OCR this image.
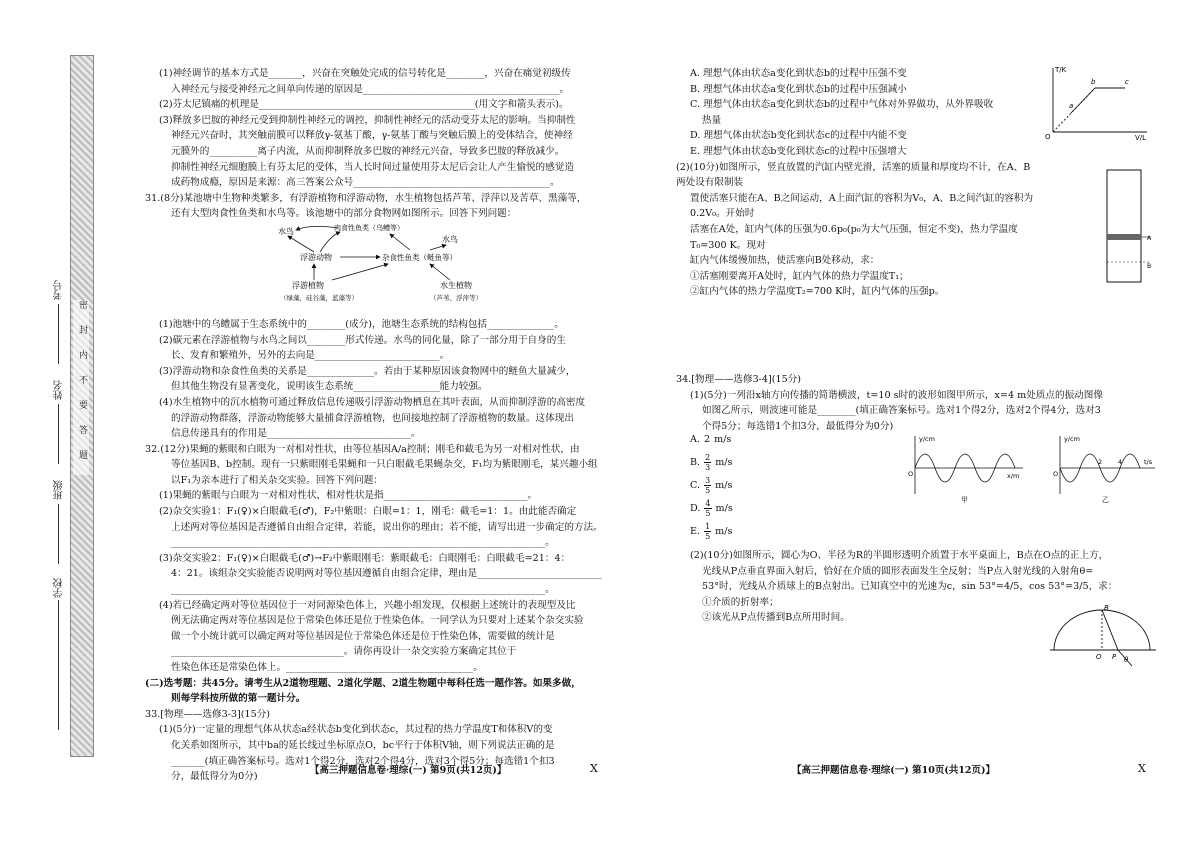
密封内不要答题
学校
班级
姓名
考号

(1)神经调节的基本方式是_______，兴奋在突触处完成的信号转化是________，兴奋在痛觉初级传

入神经元与接受神经元之间单向传递的原因是_________________________________________。

(2)芬太尼镇痛的机理是_____________________________________________(用文字和箭头表示)。

(3)释放多巴胺的神经元受到抑制性神经元的调控，抑制性神经元的活动受芬太尼的影响。当抑制性

神经元兴奋时，其突触前膜可以释放γ-氨基丁酸，γ-氨基丁酸与突触后膜上的受体结合，使神经

元膜外的__________离子内流，从而抑制释放多巴胺的神经元兴奋，导致多巴胺的释放减少。

抑制性神经元细胞膜上有芬太尼的受体，当人长时间过量使用芬太尼后会让人产生愉悦的感觉造

成药物成瘾，原因是来源：高三答案公众号_________________________________________。

31.(8分)某池塘中生物种类繁多，有浮游植物和浮游动物，水生植物包括芦苇、浮萍以及苦草、黑藻等，

还有大型肉食性鱼类和水鸟等。该池塘中的部分食物网如图所示。回答下列问题：

(1)池塘中的乌鳢属于生态系统中的________(成分)，池塘生态系统的结构包括______________。

(2)碳元素在浮游植物与水鸟之间以________形式传递。水鸟的同化量，除了一部分用于自身的生

长、发育和繁殖外，另外的去向是__________________________。

(3)浮游动物和杂食性鱼类的关系是______________。若由于某种原因该食物网中的鲢鱼大量减少，

但其他生物没有显著变化，说明该生态系统__________________能力较强。

(4)水生植物中的沉水植物可通过释放信息传递吸引浮游动物栖息在其叶表面，从而抑制浮游的高密度

的浮游动物群落，浮游动物能够大量捕食浮游植物，也间接地控制了浮游植物的数量。这体现出

信息传递具有的作用是______________________________。

32.(12分)果蝇的紫眼和白眼为一对相对性状，由等位基因A/a控制；刚毛和截毛为另一对相对性状，由

等位基因B、b控制。现有一只紫眼刚毛果蝇和一只白眼截毛果蝇杂交，F₁均为紫眼刚毛，某兴趣小组

以F₁为亲本进行了相关杂交实验。回答下列问题：

(1)果蝇的紫眼与白眼为一对相对性状，相对性状是指______________________________。

(2)杂交实验1：F₁(♀)×白眼截毛(♂)，F₂中紫眼：白眼=1：1，刚毛：截毛=1：1。由此能否确定

上述两对等位基因是否遵循自由组合定律，若能，说出你的理由；若不能，请写出进一步确定的方法。

______________________________________________________________________________。

(3)杂交实验2：F₁(♀)×白眼截毛(♂)→F₂中紫眼刚毛：紫眼截毛：白眼刚毛：白眼截毛=21：4：

4：21。该组杂交实验能否说明两对等位基因遵循自由组合定律，理由是__________________________

______________________________________________________________________________。

(4)若已经确定两对等位基因位于一对同源染色体上，兴趣小组发现，仅根据上述统计的表现型及比

例无法确定两对等位基因是位于常染色体还是位于性染色体。一同学认为只要对上述某个杂交实验

做一个小统计就可以确定两对等位基因是位于常染色体还是位于性染色体，需要做的统计是

____________________________________。请你再设计一杂交实验方案确定其位于

性染色体还是常染色体上。_______________________________________。

(二)选考题：共45分。请考生从2道物理题、2道化学题、2道生物题中每科任选一题作答。如果多做，

则每学科按所做的第一题计分。

33.[物理——选修3-3](15分)

(1)(5分)一定量的理想气体从状态a经状态b变化到状态c，其过程的热力学温度T和体积V的变

化关系如图所示，其中ba的延长线过坐标原点O，bc平行于体积V轴，则下列说法正确的是

_______(填正确答案标号。选对1个得2分，选对2个得4分，选对3个得5分；每选错1个扣3

分，最低得分为0分)

水鸟	肉食性鱼类（乌鳢等）
水鸟
浮游动物	杂食性鱼类（鲢鱼等）
浮游植物
（绿藻，硅谷藻，蓝藻等）
水生植物
（芦苇、浮萍等）
【高三押题信息卷·理综(一) 第9页(共12页)】	X

A. 理想气体由状态a变化到状态b的过程中压强不变

B. 理想气体由状态a变化到状态b的过程中压强减小

C. 理想气体由状态a变化到状态b的过程中气体对外界做功，从外界吸收

热量

D. 理想气体由状态b变化到状态c的过程中内能不变

E. 理想气体由状态b变化到状态c的过程中压强增大

(2)(10分)如图所示，竖直放置的汽缸内壁光滑，活塞的质量和厚度均不计，在A、B两处设有限制装

置使活塞只能在A、B之间运动，A上面汽缸的容积为V₀，A、B之间汽缸的容积为0.2V₀。开始时

活塞在A处，缸内气体的压强为0.6p₀(p₀为大气压强，恒定不变)，热力学温度T₀=300 K。现对

缸内气体缓慢加热，使活塞向B处移动，求：

①活塞刚要离开A处时，缸内气体的热力学温度T₁；

②缸内气体的热力学温度T₂=700 K时，缸内气体的压强p。

34.[物理——选修3-4](15分)

(1)(5分)一列沿x轴方向传播的简谐横波，t=10 s时的波形如图甲所示，x=4 m处质点的振动图像

如图乙所示，则波速可能是________(填正确答案标号。选对1个得2分，选对2个得4分，选对3

个得5分；每选错1个扣3分，最低得分为0分)

A. 2 m/s
B. 2
3 m/s
C. 3
5 m/s
D. 4
5 m/s
E. 1
5 m/s

(2)(10分)如图所示，圆心为O、半径为R的半圆形透明介质置于水平桌面上，B点在O点的正上方，

光线从P点垂直界面入射后，恰好在介质的圆形表面发生全反射；当P点入射光线的入射角θ=

53°时，光线从介质球上的B点射出。已知真空中的光速为c，sin 53°=4/5，cos 53°=3/5，求：

①介质的折射率；

②该光从P点传播到B点所用时间。

T/K
V/L
O
a
b	c
A
B
y/cm
x/m
O
甲
y/cm
t/s
O
2 4
乙
B
O P θ
【高三押题信息卷·理综(一) 第10页(共12页)】	X
